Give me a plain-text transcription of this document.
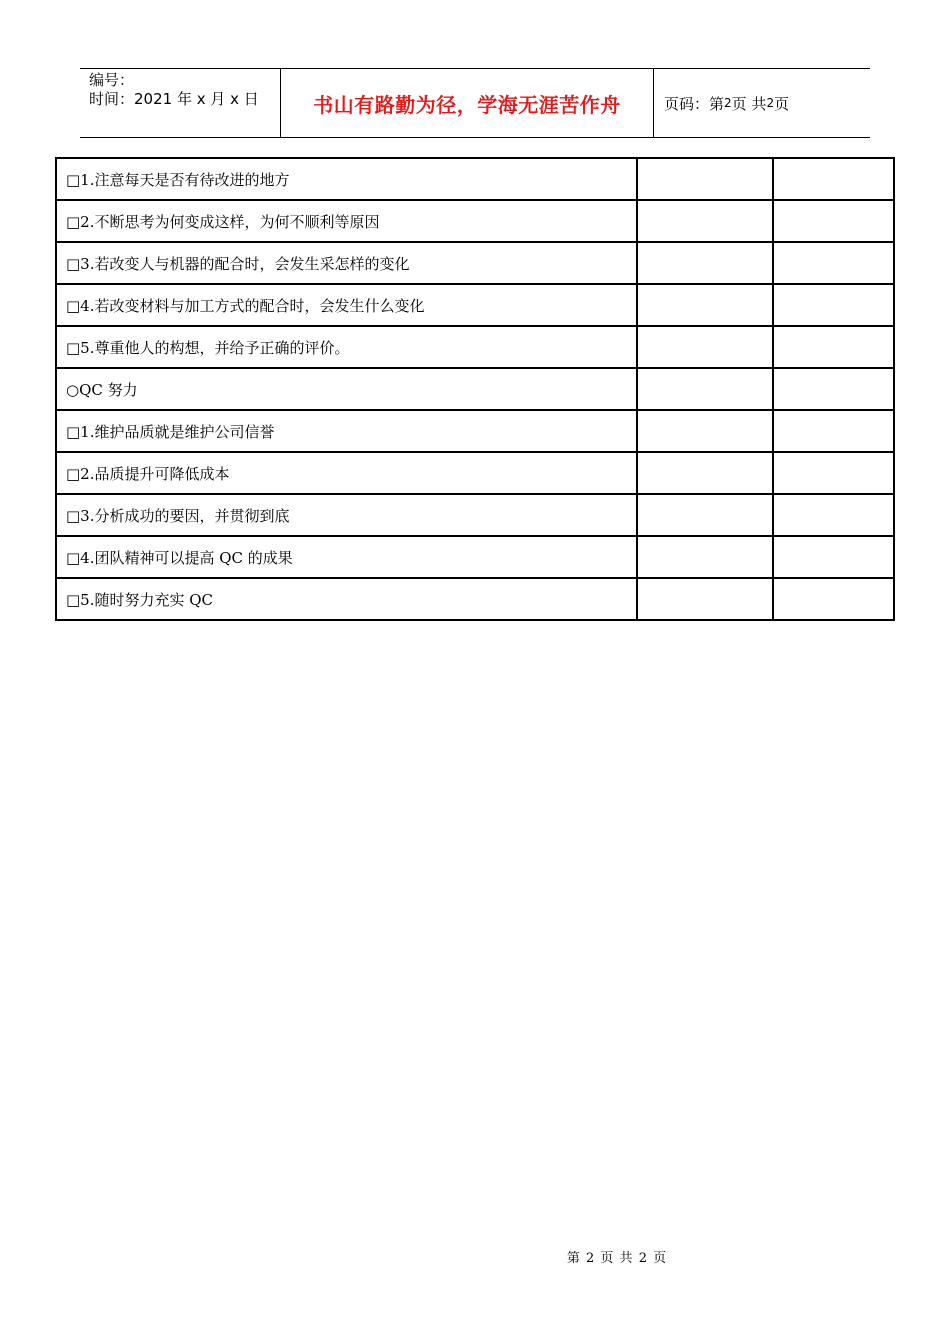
编号：
时间：2021 年 x 月 x 日	书山有路勤为径，学海无涯苦作舟	页码：第 2 页 共 2 页
□1.注意每天是否有待改进的地方		
□2.不断思考为何变成这样，为何不顺利等原因		
□3.若改变人与机器的配合时，会发生采怎样的变化		
□4.若改变材料与加工方式的配合时，会发生什么变化		
□5.尊重他人的构想，并给予正确的评价。		
○QC 努力		
□1.维护品质就是维护公司信誉		
□2.品质提升可降低成本		
□3.分析成功的要因，并贯彻到底		
□4.团队精神可以提高 QC 的成果		
□5.随时努力充实 QC		
第 2 页 共 2 页
